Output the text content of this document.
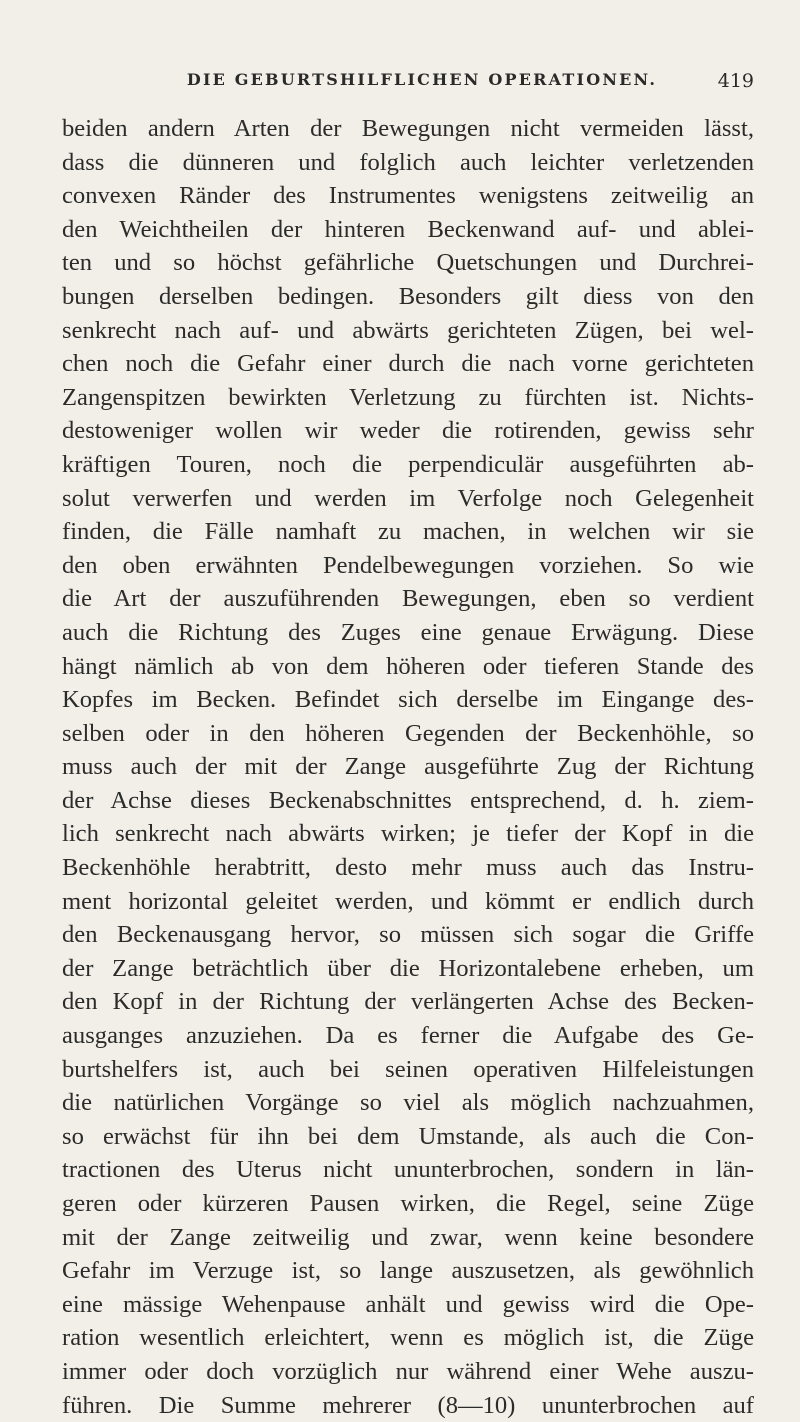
DIE GEBURTSHILFLICHEN OPERATIONEN.	419
beiden andern Arten der Bewegungen nicht vermeiden lässt,
dass die dünneren und folglich auch leichter verletzenden
convexen Ränder des Instrumentes wenigstens zeitweilig an
den Weichtheilen der hinteren Beckenwand auf- und ablei-
ten und so höchst gefährliche Quetschungen und Durchrei-
bungen derselben bedingen. Besonders gilt diess von den
senkrecht nach auf- und abwärts gerichteten Zügen, bei wel-
chen noch die Gefahr einer durch die nach vorne gerichteten
Zangenspitzen bewirkten Verletzung zu fürchten ist. Nichts-
destoweniger wollen wir weder die rotirenden, gewiss sehr
kräftigen Touren, noch die perpendiculär ausgeführten ab-
solut verwerfen und werden im Verfolge noch Gelegenheit
finden, die Fälle namhaft zu machen, in welchen wir sie
den oben erwähnten Pendelbewegungen vorziehen. So wie
die Art der auszuführenden Bewegungen, eben so verdient
auch die Richtung des Zuges eine genaue Erwägung. Diese
hängt nämlich ab von dem höheren oder tieferen Stande des
Kopfes im Becken. Befindet sich derselbe im Eingange des-
selben oder in den höheren Gegenden der Beckenhöhle, so
muss auch der mit der Zange ausgeführte Zug der Richtung
der Achse dieses Beckenabschnittes entsprechend, d. h. ziem-
lich senkrecht nach abwärts wirken; je tiefer der Kopf in die
Beckenhöhle herabtritt, desto mehr muss auch das Instru-
ment horizontal geleitet werden, und kömmt er endlich durch
den Beckenausgang hervor, so müssen sich sogar die Griffe
der Zange beträchtlich über die Horizontalebene erheben, um
den Kopf in der Richtung der verlängerten Achse des Becken-
ausganges anzuziehen. Da es ferner die Aufgabe des Ge-
burtshelfers ist, auch bei seinen operativen Hilfeleistungen
die natürlichen Vorgänge so viel als möglich nachzuahmen,
so erwächst für ihn bei dem Umstande, als auch die Con-
tractionen des Uterus nicht ununterbrochen, sondern in län-
geren oder kürzeren Pausen wirken, die Regel, seine Züge
mit der Zange zeitweilig und zwar, wenn keine besondere
Gefahr im Verzuge ist, so lange auszusetzen, als gewöhnlich
eine mässige Wehenpause anhält und gewiss wird die Ope-
ration wesentlich erleichtert, wenn es möglich ist, die Züge
immer oder doch vorzüglich nur während einer Wehe auszu-
führen. Die Summe mehrerer (8—10) ununterbrochen auf
